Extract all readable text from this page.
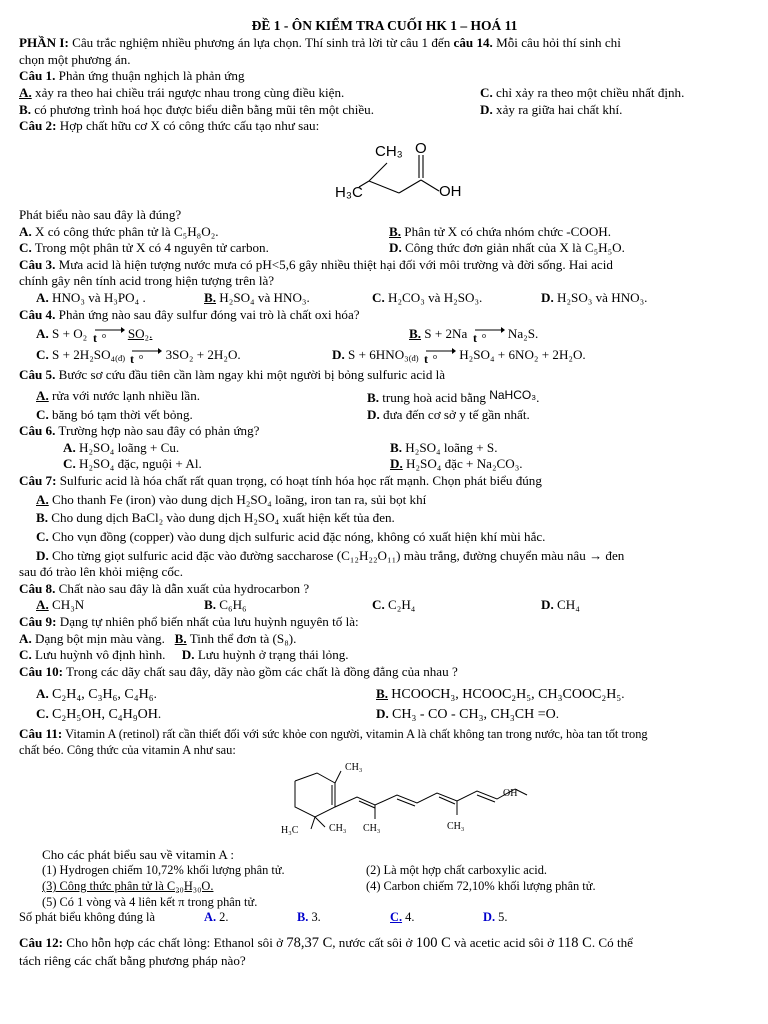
ĐỀ 1 - ÔN KIỂM TRA CUỐI HK 1 – HOÁ 11
PHẦN I: Câu trắc nghiệm nhiều phương án lựa chọn. Thí sinh trả lời từ câu 1 đến câu 14. Mỗi câu hỏi thí sinh chỉ
chọn một phương án.
Câu 1. Phản ứng thuận nghịch là phản ứng
A. xảy ra theo hai chiều trái ngược nhau trong cùng điều kiện.	C. chỉ xảy ra theo một chiều nhất định.
B. có phương trình hoá học được biểu diễn bằng mũi tên một chiều.	D. xảy ra giữa hai chất khí.
Câu 2: Hợp chất hữu cơ X có công thức cấu tạo như sau:
CH₃ O
H₃C	OH
Phát biểu nào sau đây là đúng?
A. X có công thức phân tử là C₅H₈O₂.	B. Phân tử X có chứa nhóm chức -COOH.
C. Trong một phân tử X có 4 nguyên tử carbon.	D. Công thức đơn giản nhất của X là C₅H₅O.
Câu 3. Mưa acid là hiện tượng nước mưa có pH<5,6 gây nhiều thiệt hại đối với môi trường và đời sống. Hai acid
chính gây nên tính acid trong hiện tượng trên là?
A. HNO₃ và H₃PO₄ .	B. H₂SO₄ và HNO₃.	C. H₂CO₃ và H₂SO₃.	D. H₂SO₃ và HNO₃.
Câu 4. Phản ứng nào sau đây sulfur đóng vai trò là chất oxi hóa?
A. S + O₂ t o SO₂.	B. S + 2Na t o Na₂S.
C. $S + 2H_2SO_4_{(đ)}$ t o 3SO₂ + 2H₂O.	D. $S + 6HNO_3_{(đ)}$ t o H₂SO₄ + 6NO₂ + 2H₂O.
Câu 5. Bước sơ cứu đầu tiên cần làm ngay khi một người bị bỏng sulfuric acid là
A. rửa với nước lạnh nhiều lần.	B. trung hoà acid bằng NaHCO₃.
C. băng bó tạm thời vết bỏng.	D. đưa đến cơ sở y tế gần nhất.
Câu 6. Trường hợp nào sau đây có phản ứng?
A. H₂SO₄ loãng + Cu.	B. H₂SO₄ loãng + S.
C. H₂SO₄ đặc, nguội + Al.	D. H₂SO₄ đặc + Na₂CO₃.
Câu 7: Sulfuric acid là hóa chất rất quan trọng, có hoạt tính hóa học rất mạnh. Chọn phát biểu đúng
A. Cho thanh Fe (iron) vào dung dịch H₂SO₄ loãng, iron tan ra, sủi bọt khí
B. Cho dung dịch BaCl₂ vào dung dịch H₂SO₄ xuất hiện kết tủa đen.
C. Cho vụn đồng (copper) vào dung dịch sulfuric acid đặc nóng, không có xuất hiện khí mùi hắc.
D. Cho từng giọt sulfuric acid đặc vào đường saccharose (C₁₂H₂₂O₁₁) màu trắng, đường chuyển màu nâu → đen
sau đó trào lên khỏi miệng cốc.
Câu 8. Chất nào sau đây là dẫn xuất của hydrocarbon ?
A. CH₃N	B. C₆H₆	C. C₂H₄	D. CH₄
Câu 9: Dạng tự nhiên phổ biến nhất của lưu huỳnh nguyên tố là:
A. Dạng bột mịn màu vàng. B. Tinh thể đơn tà (S₈).
C. Lưu huỳnh vô định hình. D. Lưu huỳnh ở trạng thái lỏng.
Câu 10: Trong các dãy chất sau đây, dãy nào gồm các chất là đồng đẳng của nhau ?
A. C₂H₄, C₃H₆, C₄H₆.	B. HCOOCH₃, HCOOC₂H₅, CH₃COOC₂H₅.
C. C₂H₅OH, C₄H₉OH.	D. CH₃ - CO - CH₃, CH₃CH =O.
Câu 11: Vitamin A (retinol) rất cần thiết đối với sức khỏe con người, vitamin A là chất không tan trong nước, hòa tan tốt trong
chất béo. Công thức của vitamin A như sau:
CH₃
OH
H₃C	CH₃ CH₃	CH₃
Cho các phát biểu sau về vitamin A :
(1) Hydrogen chiếm 10,72% khối lượng phân tử.	(2) Là một hợp chất carboxylic acid.
(3) Công thức phân tử là C₂₀H₃₀O.	(4) Carbon chiếm 72,10% khối lượng phân tử.
(5) Có 1 vòng và 4 liên kết π trong phân tử.
Số phát biểu không đúng là	A. 2.	B. 3.	C. 4.	D. 5.
Câu 12: Cho hỗn hợp các chất lỏng: Ethanol sôi ở 78,37 C, nước cất sôi ở 100 C và acetic acid sôi ở 118 C. Có thể
tách riêng các chất bằng phương pháp nào?
